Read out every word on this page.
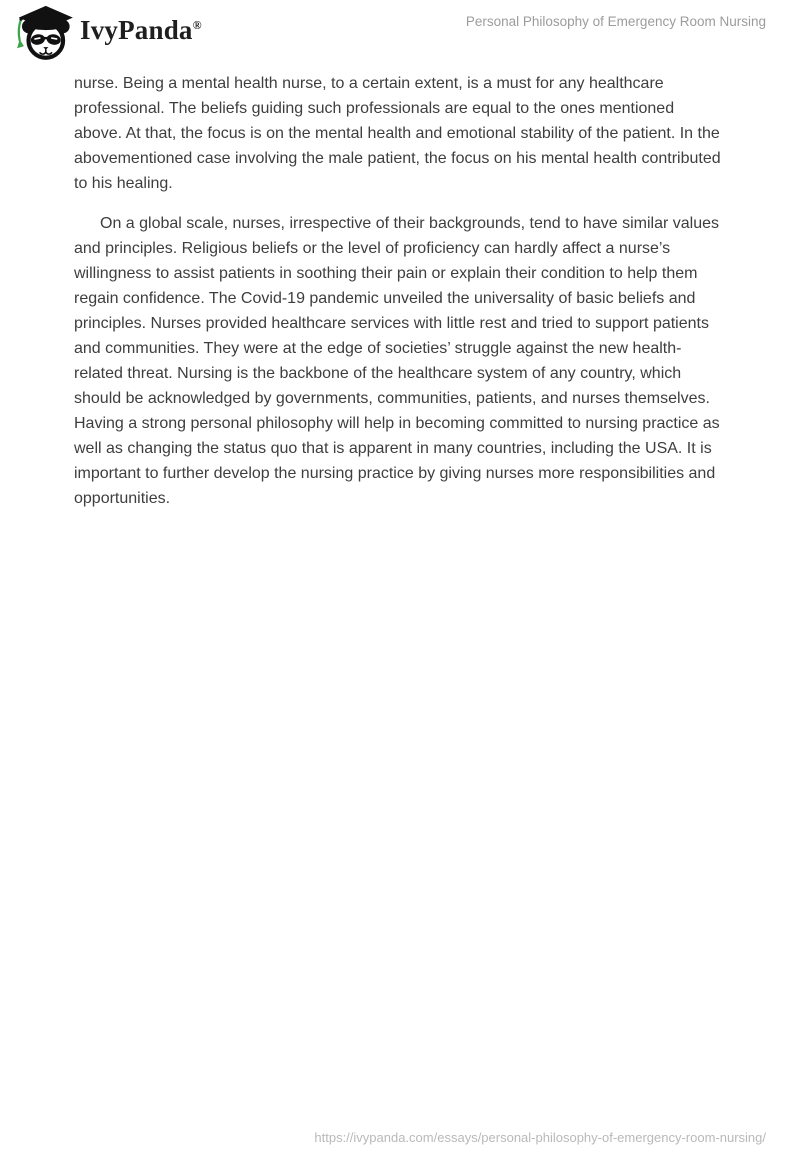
IvyPanda®	Personal Philosophy of Emergency Room Nursing

nurse. Being a mental health nurse, to a certain extent, is a must for any healthcare professional. The beliefs guiding such professionals are equal to the ones mentioned above. At that, the focus is on the mental health and emotional stability of the patient. In the abovementioned case involving the male patient, the focus on his mental health contributed to his healing.

On a global scale, nurses, irrespective of their backgrounds, tend to have similar values and principles. Religious beliefs or the level of proficiency can hardly affect a nurse’s willingness to assist patients in soothing their pain or explain their condition to help them regain confidence. The Covid-19 pandemic unveiled the universality of basic beliefs and principles. Nurses provided healthcare services with little rest and tried to support patients and communities. They were at the edge of societies’ struggle against the new health-related threat. Nursing is the backbone of the healthcare system of any country, which should be acknowledged by governments, communities, patients, and nurses themselves. Having a strong personal philosophy will help in becoming committed to nursing practice as well as changing the status quo that is apparent in many countries, including the USA. It is important to further develop the nursing practice by giving nurses more responsibilities and opportunities.

https://ivypanda.com/essays/personal-philosophy-of-emergency-room-nursing/
